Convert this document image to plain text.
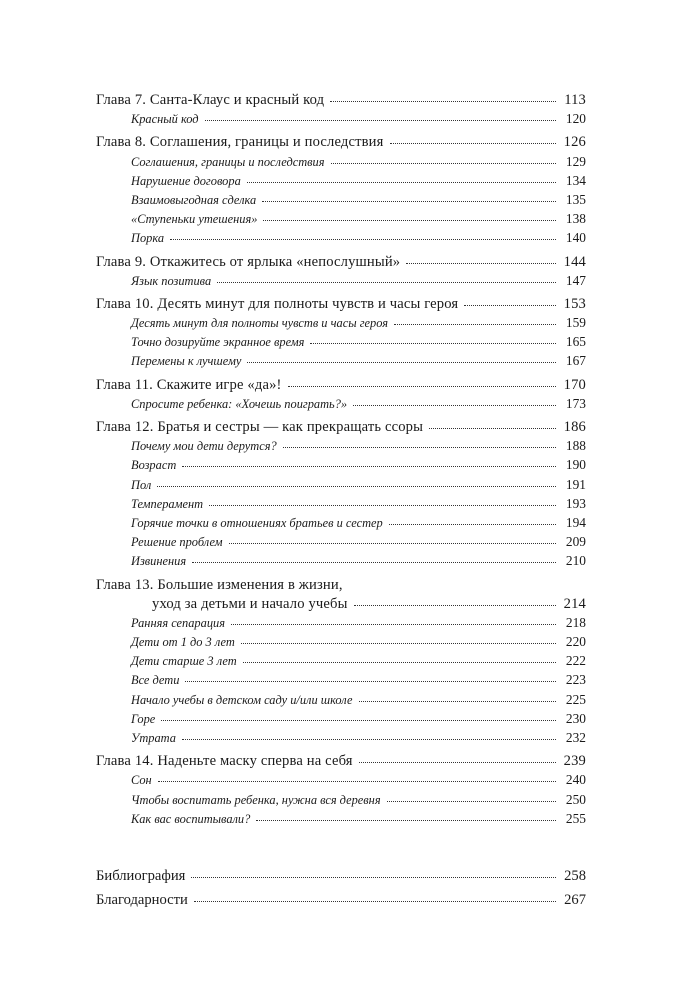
Глава 7. Санта-Клаус и красный код	113
Красный код	120
Глава 8. Соглашения, границы и последствия	126
Соглашения, границы и последствия	129
Нарушение договора	134
Взаимовыгодная сделка	135
«Ступеньки утешения»	138
Порка	140
Глава 9. Откажитесь от ярлыка «непослушный»	144
Язык позитива	147
Глава 10. Десять минут для полноты чувств и часы героя	153
Десять минут для полноты чувств и часы героя	159
Точно дозируйте экранное время	165
Перемены к лучшему	167
Глава 11. Скажите игре «да»!	170
Спросите ребенка: «Хочешь поиграть?»	173
Глава 12. Братья и сестры — как прекращать ссоры	186
Почему мои дети дерутся?	188
Возраст	190
Пол	191
Темперамент	193
Горячие точки в отношениях братьев и сестер	194
Решение проблем	209
Извинения	210
Глава 13. Большие изменения в жизни,
уход за детьми и начало учебы	214
Ранняя сепарация	218
Дети от 1 до 3 лет	220
Дети старше 3 лет	222
Все дети	223
Начало учебы в детском саду и/или школе	225
Горе	230
Утрата	232
Глава 14. Наденьте маску сперва на себя	239
Сон	240
Чтобы воспитать ребенка, нужна вся деревня	250
Как вас воспитывали?	255
Библиография	258
Благодарности	267
